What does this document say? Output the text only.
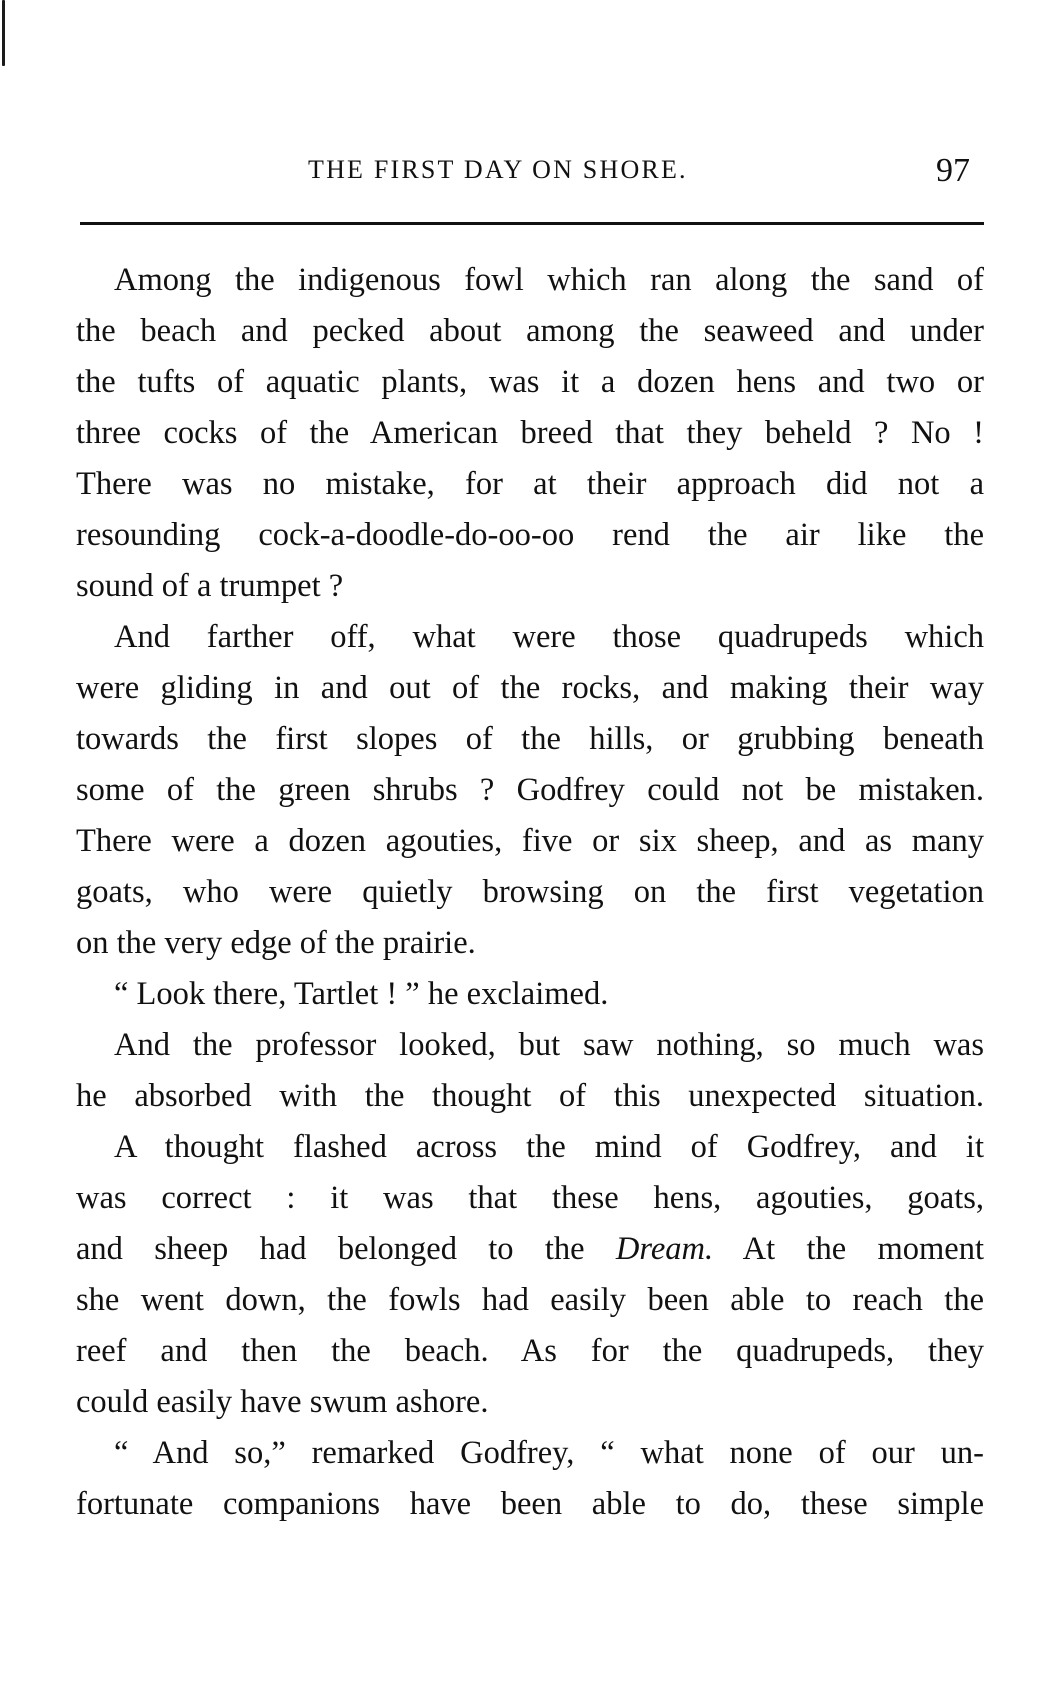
THE FIRST DAY ON SHORE.	97
Among the indigenous fowl which ran along the sand of
the beach and pecked about among the seaweed and under
the tufts of aquatic plants, was it a dozen hens and two or
three cocks of the American breed that they beheld ? No !
There was no mistake, for at their approach did not a
resounding cock-a-doodle-do-oo-oo rend the air like the
sound of a trumpet ?
And farther off, what were those quadrupeds which
were gliding in and out of the rocks, and making their way
towards the first slopes of the hills, or grubbing beneath
some of the green shrubs ? Godfrey could not be mistaken.
There were a dozen agouties, five or six sheep, and as many
goats, who were quietly browsing on the first vegetation
on the very edge of the prairie.
“ Look there, Tartlet ! ” he exclaimed.
And the professor looked, but saw nothing, so much was
he absorbed with the thought of this unexpected situation.
A thought flashed across the mind of Godfrey, and it
was correct : it was that these hens, agouties, goats,
and sheep had belonged to the Dream. At the moment
she went down, the fowls had easily been able to reach the
reef and then the beach. As for the quadrupeds, they
could easily have swum ashore.
“ And so,” remarked Godfrey, “ what none of our un-
fortunate companions have been able to do, these simple
